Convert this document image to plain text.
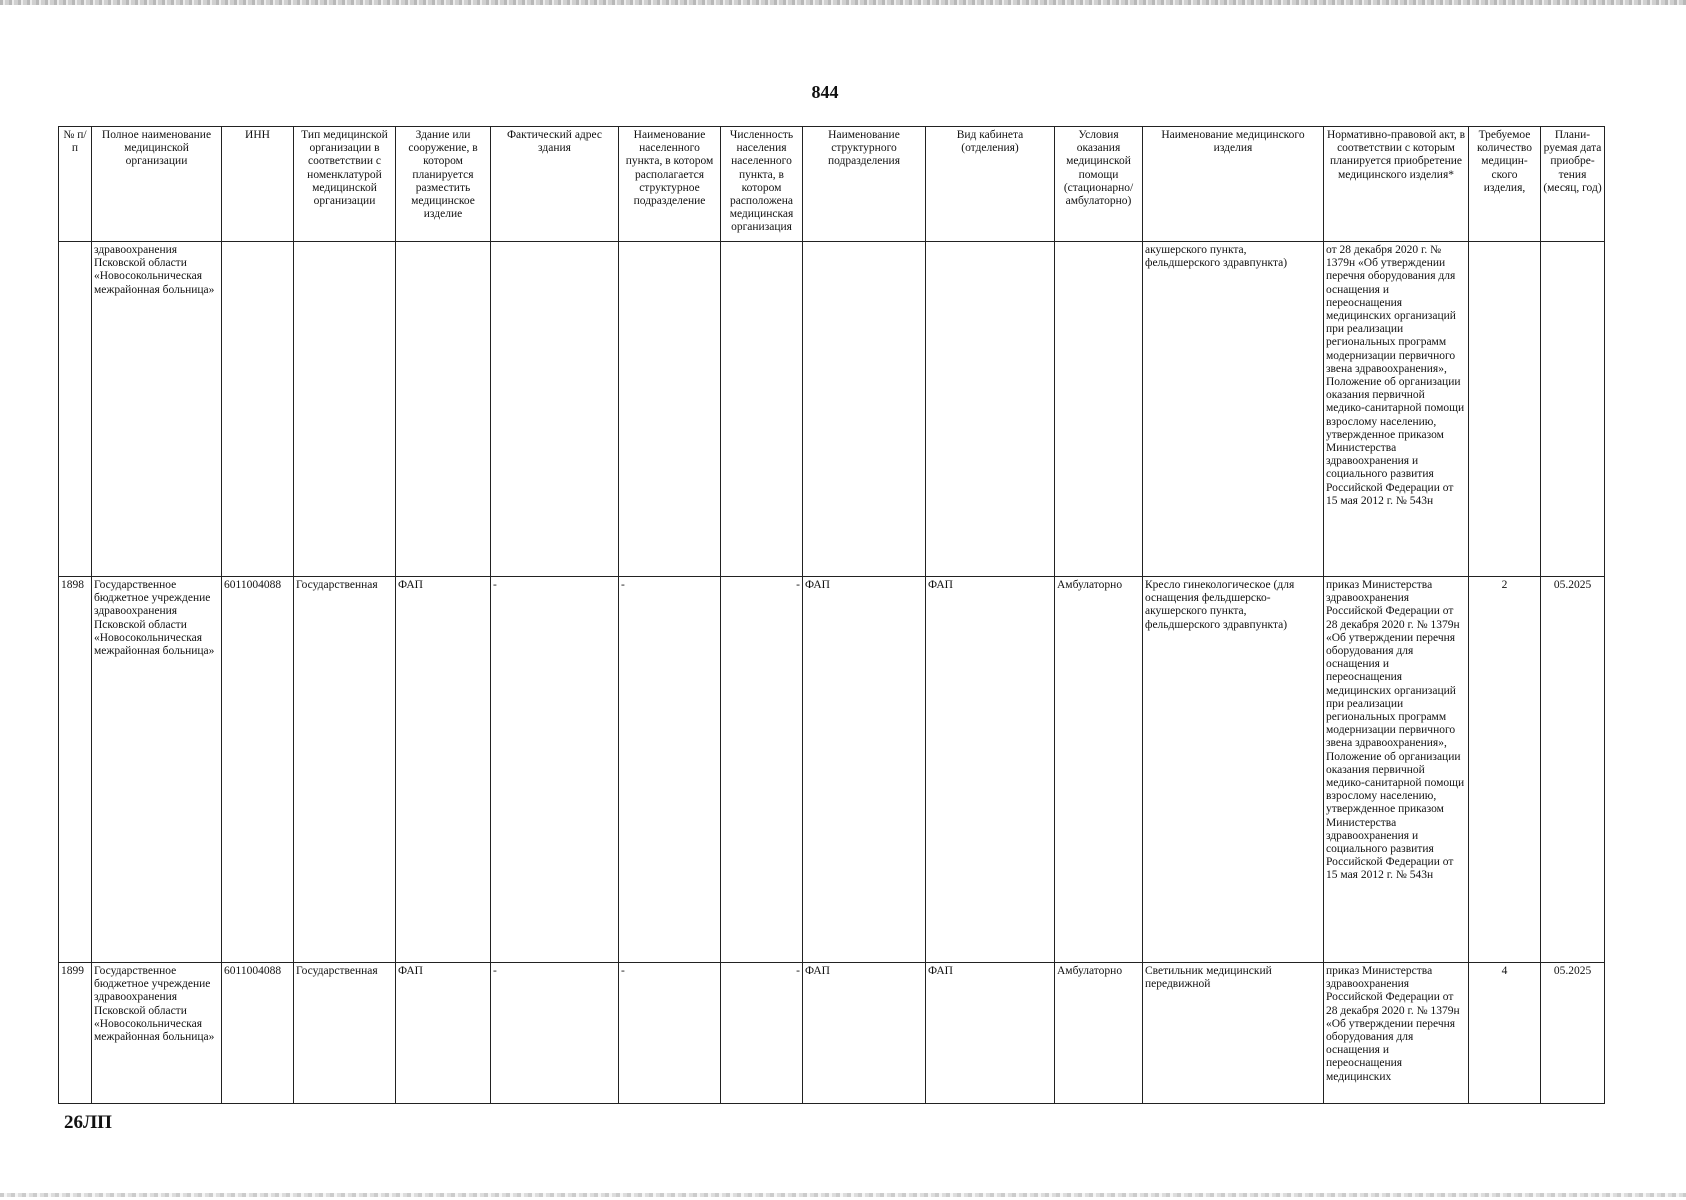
844
№ п/п	Полное наименование медицинской организации	ИНН	Тип медицинской организации в соответствии с номенклатурой медицинской организации	Здание или сооружение, в котором планируется разместить медицинское изделие	Фактический адрес здания	Наименование населенного пункта, в котором располагается структурное подразделение	Численность населения населенного пункта, в котором расположена медицинская организация	Наименование структурного подразделения	Вид кабинета (отделения)	Условия оказания медицинской помощи (стационарно/ амбулаторно)	Наименование медицинского изделия	Нормативно-правовой акт, в соответствии с которым планируется приобретение медицинского изделия*	Требуемое количество медицин-ского изделия,	Плани-руемая дата приобре-тения (месяц, год)
	здравоохранения Псковской области «Новосокольническая межрайонная больница»										акушерского пункта, фельдшерского здравпункта)	от 28 декабря 2020 г. № 1379н «Об утверждении перечня оборудования для оснащения и переоснащения медицинских организаций при реализации региональных программ модернизации первичного звена здравоохранения», Положение об организации оказания первичной медико-санитарной помощи взрослому населению, утвержденное приказом Министерства здравоохранения и социального развития Российской Федерации от 15 мая 2012 г. № 543н		
1898	Государственное бюджетное учреждение здравоохранения Псковской области «Новосокольническая межрайонная больница»	6011004088	Государственная	ФАП	-	-	-	ФАП	ФАП	Амбулаторно	Кресло гинекологическое (для оснащения фельдшерско-акушерского пункта, фельдшерского здравпункта)	приказ Министерства здравоохранения Российской Федерации от 28 декабря 2020 г. № 1379н «Об утверждении перечня оборудования для оснащения и переоснащения медицинских организаций при реализации региональных программ модернизации первичного звена здравоохранения», Положение об организации оказания первичной медико-санитарной помощи взрослому населению, утвержденное приказом Министерства здравоохранения и социального развития Российской Федерации от 15 мая 2012 г. № 543н	2	05.2025
1899	Государственное бюджетное учреждение здравоохранения Псковской области «Новосокольническая межрайонная больница»	6011004088	Государственная	ФАП	-	-	-	ФАП	ФАП	Амбулаторно	Светильник медицинский передвижной	приказ Министерства здравоохранения Российской Федерации от 28 декабря 2020 г. № 1379н «Об утверждении перечня оборудования для оснащения и переоснащения медицинских	4	05.2025
26ЛП
